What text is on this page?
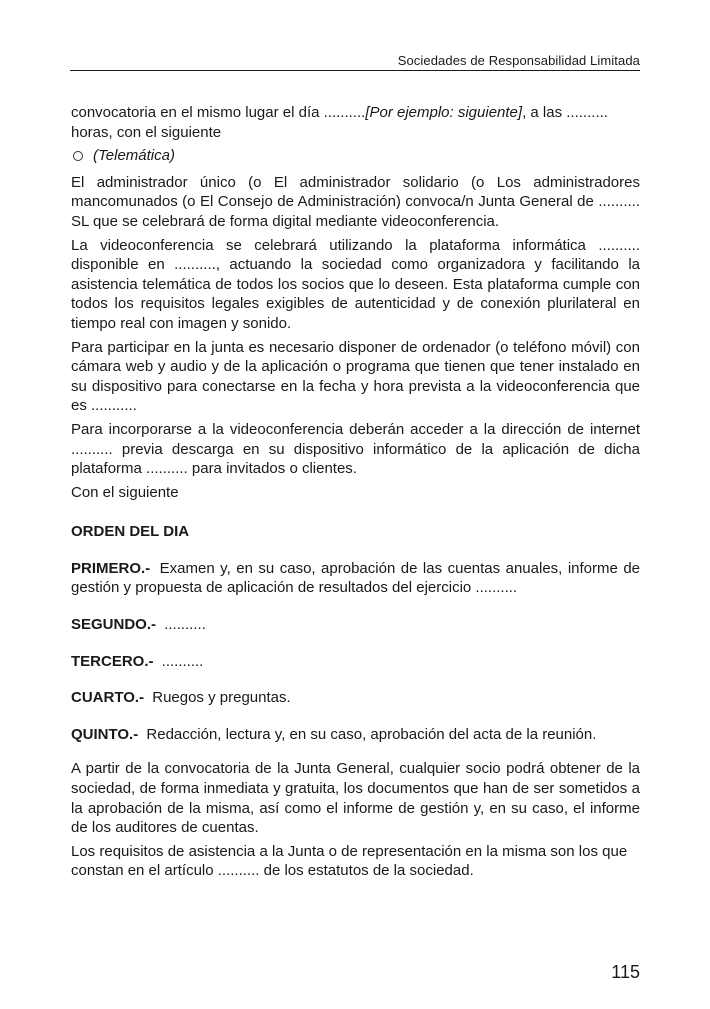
Sociedades de Responsabilidad Limitada

convocatoria en el mismo lugar el día ..........[Por ejemplo: siguiente], a las .......... horas, con el siguiente

(Telemática)

El administrador único (o El administrador solidario (o Los administradores mancomunados (o El Consejo de Administración) convoca/n Junta General de .......... SL que se celebrará de forma digital mediante videoconferencia.

La videoconferencia se celebrará utilizando la plataforma informática .......... disponible en .........., actuando la sociedad como organizadora y facilitando la asistencia telemática de todos los socios que lo deseen. Esta plataforma cumple con todos los requisitos legales exigibles de autenticidad y de conexión plurilateral en tiempo real con imagen y sonido.

Para participar en la junta es necesario disponer de ordenador (o teléfono móvil) con cámara web y audio y de la aplicación o programa que tienen que tener instalado en su dispositivo para conectarse en la fecha y hora prevista a la videoconferencia que es ...........

Para incorporarse a la videoconferencia deberán acceder a la dirección de internet .......... previa descarga en su dispositivo informático de la aplicación de dicha plataforma .......... para invitados o clientes.

Con el siguiente

ORDEN DEL DIA
PRIMERO.- Examen y, en su caso, aprobación de las cuentas anuales, informe de gestión y propuesta de aplicación de resultados del ejercicio ..........
SEGUNDO.- ..........
TERCERO.- ..........
CUARTO.- Ruegos y preguntas.
QUINTO.- Redacción, lectura y, en su caso, aprobación del acta de la reunión.

A partir de la convocatoria de la Junta General, cualquier socio podrá obtener de la sociedad, de forma inmediata y gratuita, los documentos que han de ser sometidos a la aprobación de la misma, así como el informe de gestión y, en su caso, el informe de los auditores de cuentas.

Los requisitos de asistencia a la Junta o de representación en la misma son los que constan en el artículo .......... de los estatutos de la sociedad.

115
